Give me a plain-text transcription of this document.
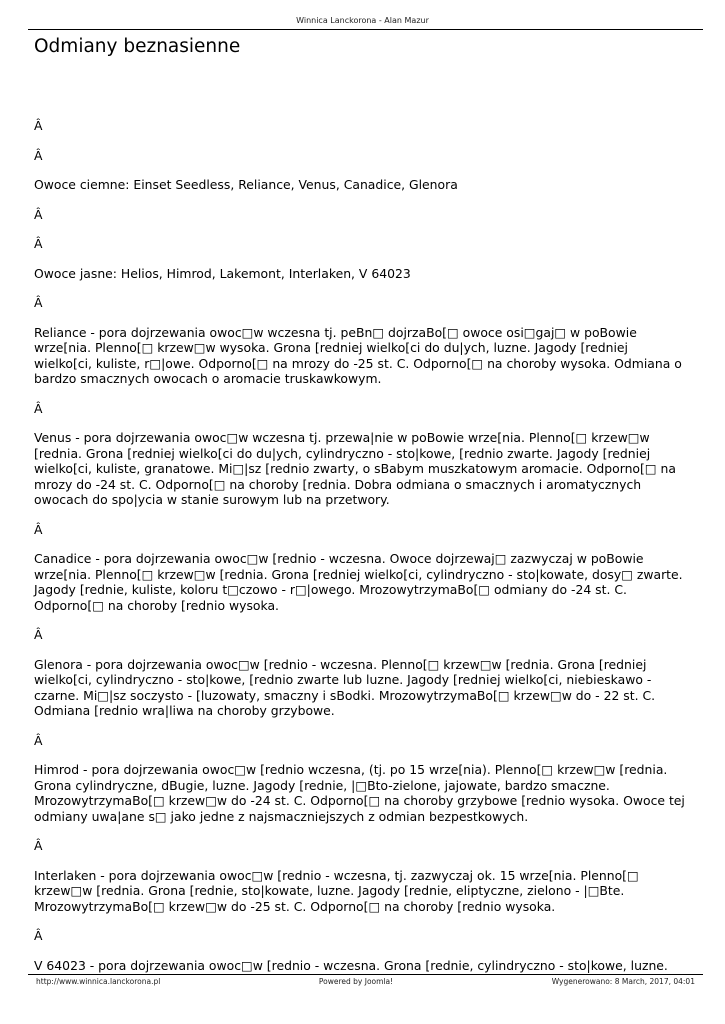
Winnica Lanckorona - Alan Mazur
Odmiany beznasienne

Â

Â

Owoce ciemne: Einset Seedless, Reliance, Venus, Canadice, Glenora

Â

Â

Owoce jasne: Helios, Himrod, Lakemont, Interlaken, V 64023

Â

Reliance - pora dojrzewania owoc□w wczesna tj. peBn□ dojrzaBo[□ owoce osi□gaj□ w poBowie wrze[nia. Plenno[□ krzew□w wysoka. Grona [redniej wielko[ci do du|ych, luzne. Jagody [redniej wielko[ci, kuliste, r□|owe. Odporno[□ na mrozy do -25 st. C. Odporno[□ na choroby wysoka. Odmiana o bardzo smacznych owocach o aromacie truskawkowym.

Â

Venus - pora dojrzewania owoc□w wczesna tj. przewa|nie w poBowie wrze[nia. Plenno[□ krzew□w [rednia. Grona [redniej wielko[ci do du|ych, cylindryczno - sto|kowe, [rednio zwarte. Jagody [redniej wielko[ci, kuliste, granatowe. Mi□|sz [rednio zwarty, o sBabym muszkatowym aromacie. Odporno[□ na mrozy do -24 st. C. Odporno[□ na choroby [rednia. Dobra odmiana o smacznych i aromatycznych owocach do spo|ycia w stanie surowym lub na przetwory.

Â

Canadice - pora dojrzewania owoc□w [rednio - wczesna. Owoce dojrzewaj□ zazwyczaj w poBowie wrze[nia. Plenno[□ krzew□w [rednia. Grona [redniej wielko[ci, cylindryczno - sto|kowate, dosy□ zwarte. Jagody [rednie, kuliste, koloru t□czowo - r□|owego. MrozowytrzymaBo[□ odmiany do -24 st. C. Odporno[□ na choroby [rednio wysoka.

Â

Glenora - pora dojrzewania owoc□w [rednio - wczesna. Plenno[□ krzew□w [rednia. Grona [redniej wielko[ci, cylindryczno - sto|kowe, [rednio zwarte lub luzne. Jagody [redniej wielko[ci, niebieskawo - czarne. Mi□|sz soczysto - [luzowaty, smaczny i sBodki. MrozowytrzymaBo[□ krzew□w do - 22 st. C. Odmiana [rednio wra|liwa na choroby grzybowe.

Â

Himrod - pora dojrzewania owoc□w [rednio wczesna, (tj. po 15 wrze[nia). Plenno[□ krzew□w [rednia. Grona cylindryczne, dBugie, luzne. Jagody [rednie, |□Bto-zielone, jajowate, bardzo smaczne. MrozowytrzymaBo[□ krzew□w do -24 st. C. Odporno[□ na choroby grzybowe [rednio wysoka. Owoce tej odmiany uwa|ane s□ jako jedne z najsmaczniejszych z odmian bezpestkowych.

Â

Interlaken - pora dojrzewania owoc□w [rednio - wczesna, tj. zazwyczaj ok. 15 wrze[nia. Plenno[□ krzew□w [rednia. Grona [rednie, sto|kowate, luzne. Jagody [rednie, eliptyczne, zielono - |□Bte. MrozowytrzymaBo[□ krzew□w do -25 st. C. Odporno[□ na choroby [rednio wysoka.

Â

V 64023 - pora dojrzewania owoc□w [rednio - wczesna. Grona [rednie, cylindryczno - sto|kowe, luzne.

http://www.winnica.lanckorona.pl	Powered by Joomla!	Wygenerowano: 8 March, 2017, 04:01
